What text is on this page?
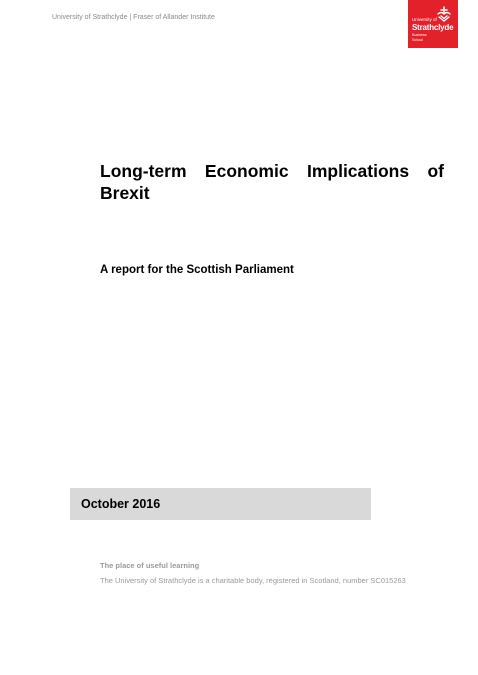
University of Strathclyde | Fraser of Allander Institute	University of
Strathclyde
Business
School
Long-term Economic Implications of Brexit
A report for the Scottish Parliament
October 2016
The place of useful learning
The University of Strathclyde is a charitable body, registered in Scotland, number SC015263
